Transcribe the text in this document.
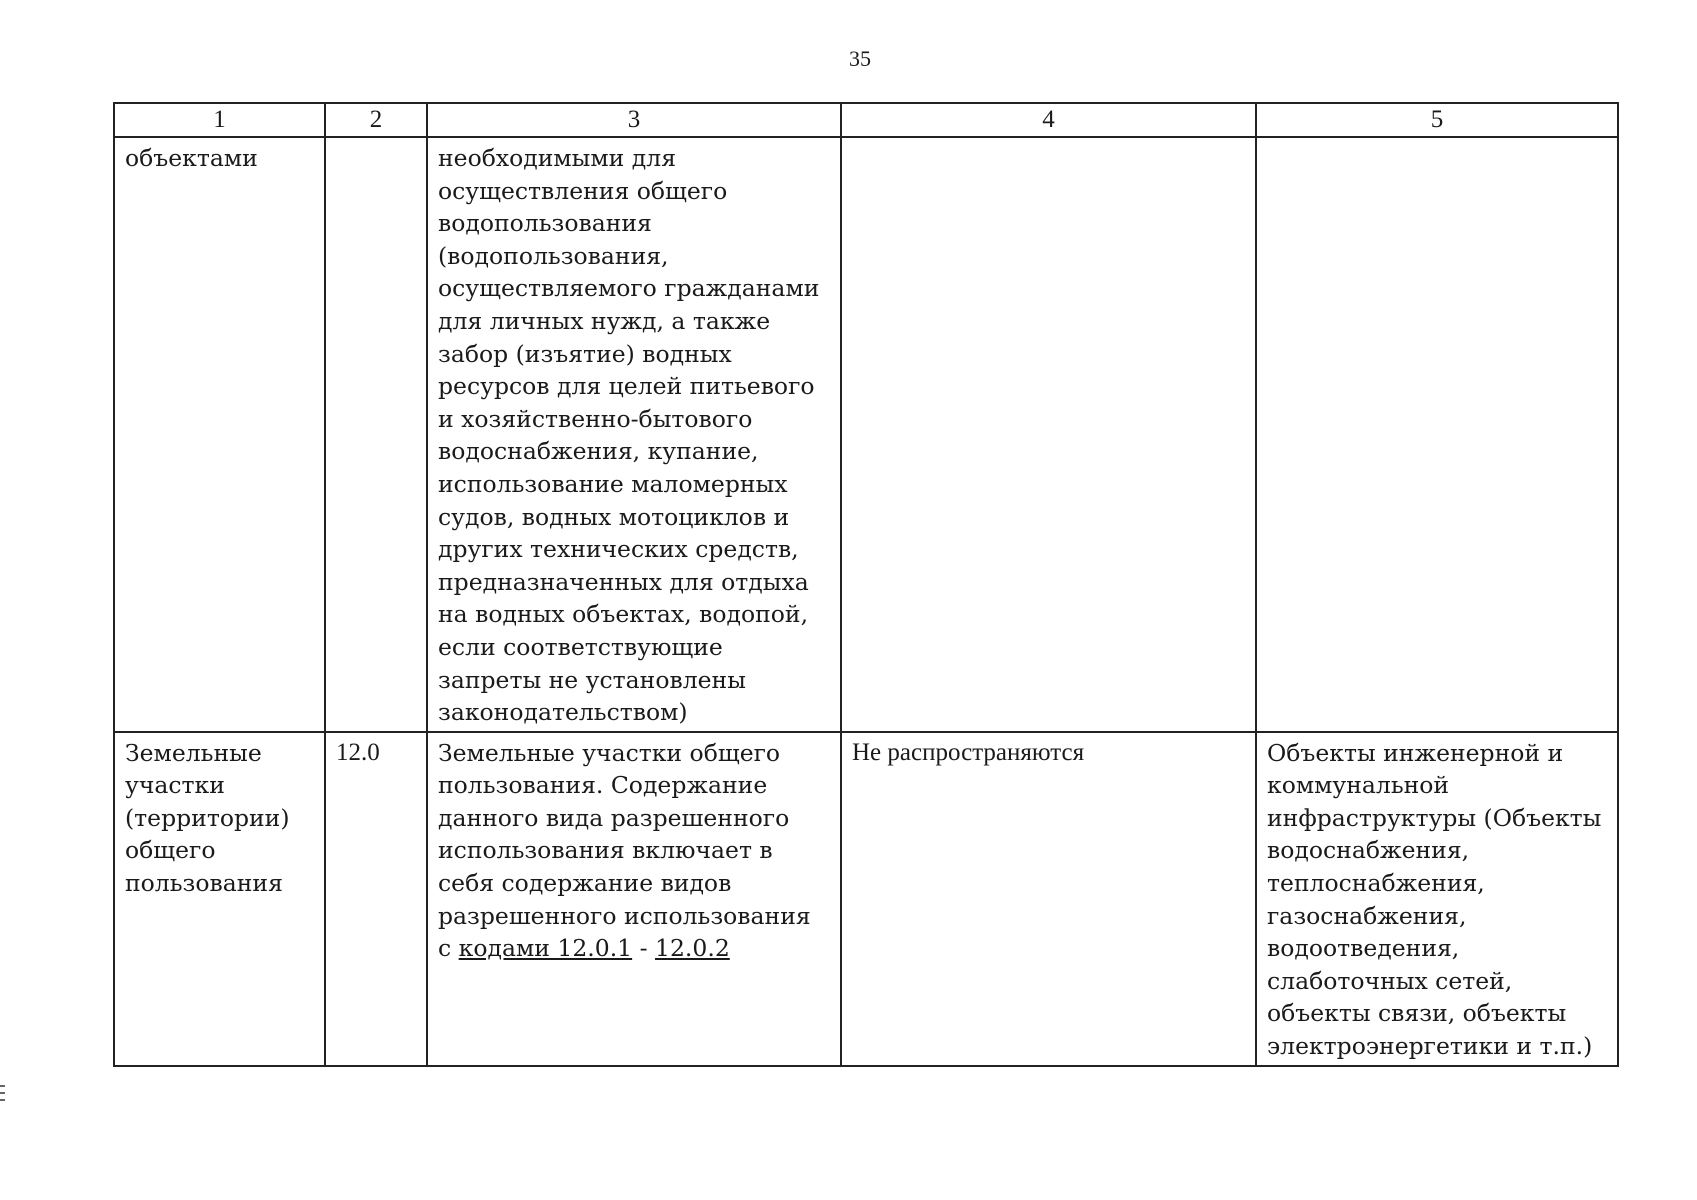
35
1	2	3	4	5
объектами		необходимыми для осуществления общего водопользования (водопользования, осуществляемого гражданами для личных нужд, а также забор (изъятие) водных ресурсов для целей питьевого и хозяйственно-бытового водоснабжения, купание, использование маломерных судов, водных мотоциклов и других технических средств, предназначенных для отдыха на водных объектах, водопой, если соответствующие запреты не установлены законодательством)		
Земельные участки (территории) общего пользования	12.0	Земельные участки общего пользования. Содержание данного вида разрешенного использования включает в себя содержание видов разрешенного использования с кодами 12.0.1 - 12.0.2	Не распространяются	Объекты инженерной и коммунальной инфраструктуры (Объекты водоснабжения, теплоснабжения, газоснабжения, водоотведения, слаботочных сетей, объекты связи, объекты электроэнергетики и т.п.)
